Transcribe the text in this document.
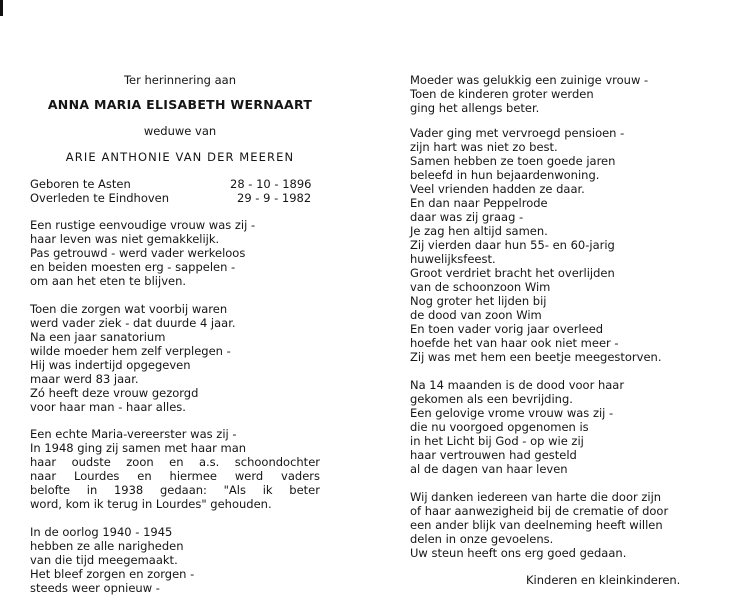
Ter herinnering aan
ANNA MARIA ELISABETH WERNAART
weduwe van
ARIE ANTHONIE VAN DER MEEREN
Geboren te Asten	28 - 10 - 1896
Overleden te Eindhoven	29 - 9 - 1982
Een rustige eenvoudige vrouw was zij -
haar leven was niet gemakkelijk.
Pas getrouwd - werd vader werkeloos
en beiden moesten erg - sappelen -
om aan het eten te blijven.
Toen die zorgen wat voorbij waren
werd vader ziek - dat duurde 4 jaar.
Na een jaar sanatorium
wilde moeder hem zelf verplegen -
Hij was indertijd opgegeven
maar werd 83 jaar.
Zó heeft deze vrouw gezorgd
voor haar man - haar alles.
Een echte Maria-vereerster was zij -
In 1948 ging zij samen met haar man
haar oudste zoon en a.s. schoondochter
naar Lourdes en hiermee werd vaders
belofte in 1938 gedaan: "Als ik beter
word, kom ik terug in Lourdes" gehouden.
In de oorlog 1940 - 1945
hebben ze alle narigheden
van die tijd meegemaakt.
Het bleef zorgen en zorgen -
steeds weer opnieuw -
Moeder was gelukkig een zuinige vrouw -
Toen de kinderen groter werden
ging het allengs beter.
Vader ging met vervroegd pensioen -
zijn hart was niet zo best.
Samen hebben ze toen goede jaren
beleefd in hun bejaardenwoning.
Veel vrienden hadden ze daar.
En dan naar Peppelrode
daar was zij graag -
Je zag hen altijd samen.
Zij vierden daar hun 55- en 60-jarig
huwelijksfeest.
Groot verdriet bracht het overlijden
van de schoonzoon Wim
Nog groter het lijden bij
de dood van zoon Wim
En toen vader vorig jaar overleed
hoefde het van haar ook niet meer -
Zij was met hem een beetje meegestorven.
Na 14 maanden is de dood voor haar
gekomen als een bevrijding.
Een gelovige vrome vrouw was zij -
die nu voorgoed opgenomen is
in het Licht bij God - op wie zij
haar vertrouwen had gesteld
al de dagen van haar leven
Wij danken iedereen van harte die door zijn
of haar aanwezigheid bij de crematie of door
een ander blijk van deelneming heeft willen
delen in onze gevoelens.
Uw steun heeft ons erg goed gedaan.
Kinderen en kleinkinderen.
